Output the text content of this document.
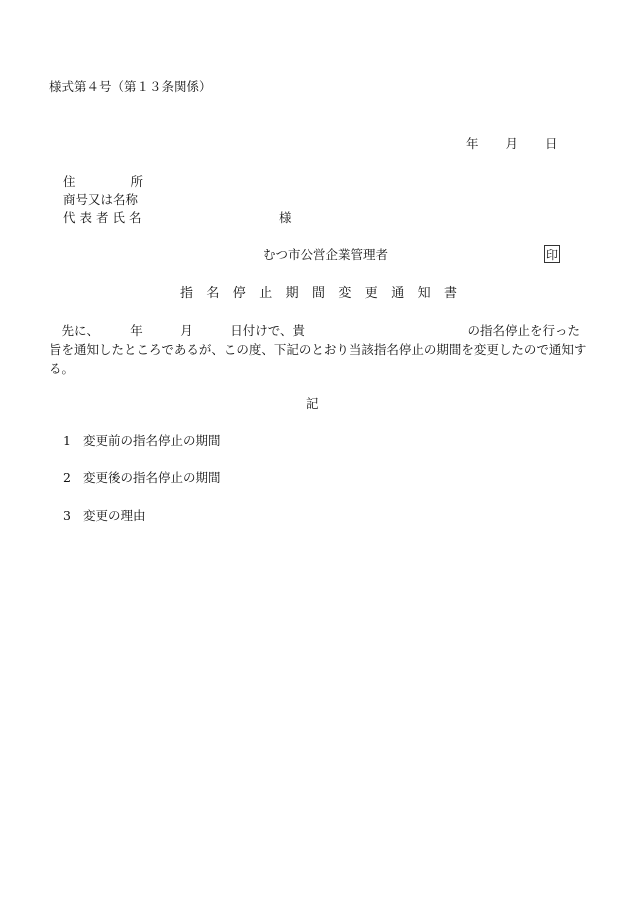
様式第４号（第１３条関係）
年 月 日
住所
商号又は名称
代表者氏名	様
むつ市公営企業管理者	印
指名停止期間変更通知書
　先に、　　　年　　　月　　　日付けで、貴　　　　　　　　　　　　　の指名停止を行った旨を通知したところであるが、この度、下記のとおり当該指名停止の期間を変更したので通知する。
記
1 変更前の指名停止の期間
2 変更後の指名停止の期間
3 変更の理由
